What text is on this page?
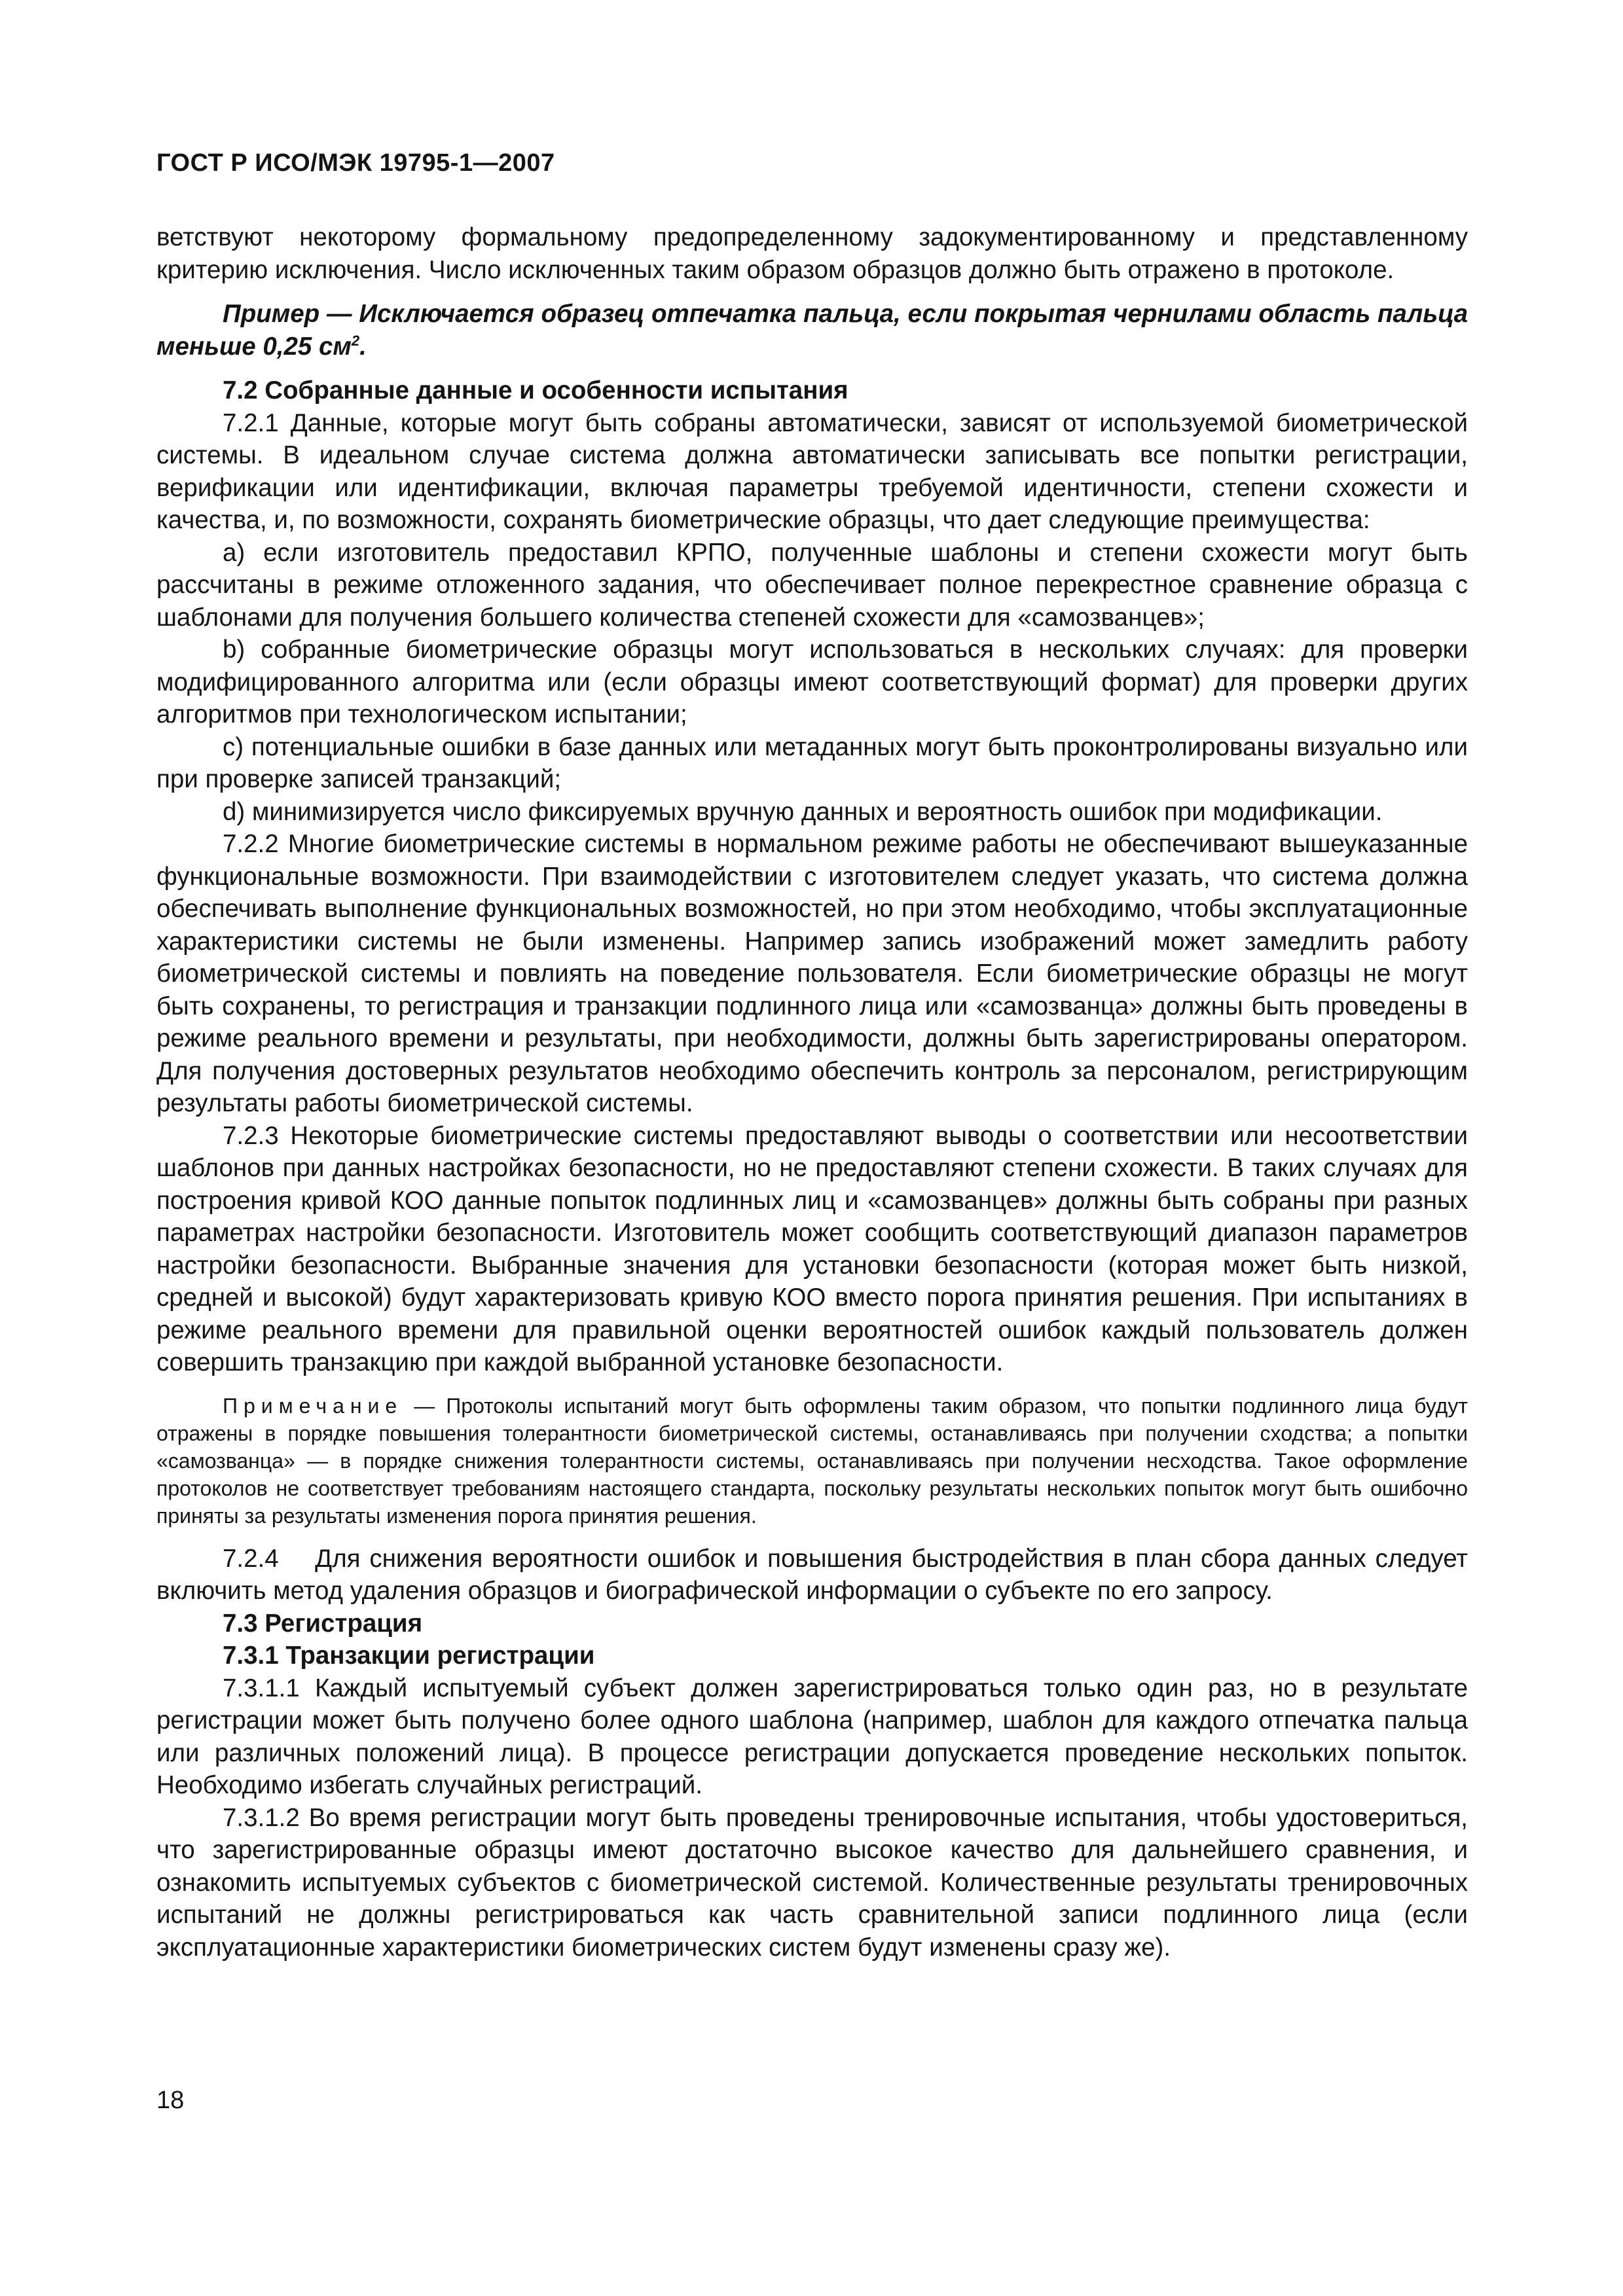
ГОСТ Р ИСО/МЭК 19795-1—2007

ветствуют некоторому формальному предопределенному задокументированному и представленному критерию исключения. Число исключенных таким образом образцов должно быть отражено в протоколе.

Пример — Исключается образец отпечатка пальца, если покрытая чернилами область пальца меньше 0,25 $см^2$.

7.2 Собранные данные и особенности испытания

7.2.1 Данные, которые могут быть собраны автоматически, зависят от используемой биометрической системы. В идеальном случае система должна автоматически записывать все попытки регистрации, верификации или идентификации, включая параметры требуемой идентичности, степени схожести и качества, и, по возможности, сохранять биометрические образцы, что дает следующие преимущества:

а) если изготовитель предоставил КРПО, полученные шаблоны и степени схожести могут быть рассчитаны в режиме отложенного задания, что обеспечивает полное перекрестное сравнение образца с шаблонами для получения большего количества степеней схожести для «самозванцев»;

b) собранные биометрические образцы могут использоваться в нескольких случаях: для проверки модифицированного алгоритма или (если образцы имеют соответствующий формат) для проверки других алгоритмов при технологическом испытании;

c) потенциальные ошибки в базе данных или метаданных могут быть проконтролированы визуально или при проверке записей транзакций;

d) минимизируется число фиксируемых вручную данных и вероятность ошибок при модификации.

7.2.2 Многие биометрические системы в нормальном режиме работы не обеспечивают вышеуказанные функциональные возможности. При взаимодействии с изготовителем следует указать, что система должна обеспечивать выполнение функциональных возможностей, но при этом необходимо, чтобы эксплуатационные характеристики системы не были изменены. Например запись изображений может замедлить работу биометрической системы и повлиять на поведение пользователя. Если биометрические образцы не могут быть сохранены, то регистрация и транзакции подлинного лица или «самозванца» должны быть проведены в режиме реального времени и результаты, при необходимости, должны быть зарегистрированы оператором. Для получения достоверных результатов необходимо обеспечить контроль за персоналом, регистрирующим результаты работы биометрической системы.

7.2.3 Некоторые биометрические системы предоставляют выводы о соответствии или несоответствии шаблонов при данных настройках безопасности, но не предоставляют степени схожести. В таких случаях для построения кривой КОО данные попыток подлинных лиц и «самозванцев» должны быть собраны при разных параметрах настройки безопасности. Изготовитель может сообщить соответствующий диапазон параметров настройки безопасности. Выбранные значения для установки безопасности (которая может быть низкой, средней и высокой) будут характеризовать кривую КОО вместо порога принятия решения. При испытаниях в режиме реального времени для правильной оценки вероятностей ошибок каждый пользователь должен совершить транзакцию при каждой выбранной установке безопасности.

Примечание — Протоколы испытаний могут быть оформлены таким образом, что попытки подлинного лица будут отражены в порядке повышения толерантности биометрической системы, останавливаясь при получении сходства; а попытки «самозванца» — в порядке снижения толерантности системы, останавливаясь при получении несходства. Такое оформление протоколов не соответствует требованиям настоящего стандарта, поскольку результаты нескольких попыток могут быть ошибочно приняты за результаты изменения порога принятия решения.

7.2.4    Для снижения вероятности ошибок и повышения быстродействия в план сбора данных следует включить метод удаления образцов и биографической информации о субъекте по его запросу.

7.3 Регистрация

7.3.1 Транзакции регистрации

7.3.1.1 Каждый испытуемый субъект должен зарегистрироваться только один раз, но в результате регистрации может быть получено более одного шаблона (например, шаблон для каждого отпечатка пальца или различных положений лица). В процессе регистрации допускается проведение нескольких попыток. Необходимо избегать случайных регистраций.

7.3.1.2 Во время регистрации могут быть проведены тренировочные испытания, чтобы удостовериться, что зарегистрированные образцы имеют достаточно высокое качество для дальнейшего сравнения, и ознакомить испытуемых субъектов с биометрической системой. Количественные результаты тренировочных испытаний не должны регистрироваться как часть сравнительной записи подлинного лица (если эксплуатационные характеристики биометрических систем будут изменены сразу же).

18
